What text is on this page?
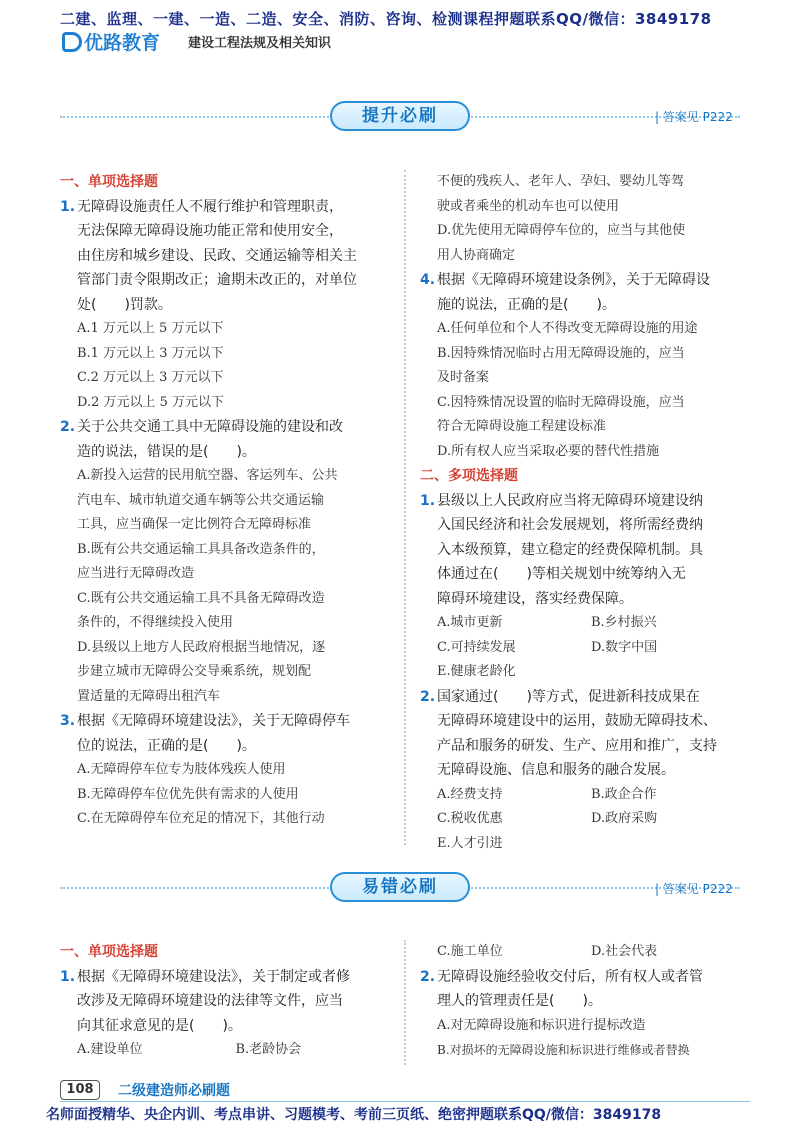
二建、监理、一建、一造、二造、安全、消防、咨询、检测课程押题联系QQ/微信：3849178
优路教育 建设工程法规及相关知识
提升必刷	| 答案见 P222
一、单项选择题
1. 无障碍设施责任人不履行维护和管理职责，
无法保障无障碍设施功能正常和使用安全，
由住房和城乡建设、民政、交通运输等相关主
管部门责令限期改正；逾期未改正的，对单位
处(　　)罚款。
A.1 万元以上 5 万元以下
B.1 万元以上 3 万元以下
C.2 万元以上 3 万元以下
D.2 万元以上 5 万元以下
2. 关于公共交通工具中无障碍设施的建设和改
造的说法，错误的是(　　)。
A.新投入运营的民用航空器、客运列车、公共
汽电车、城市轨道交通车辆等公共交通运输
工具，应当确保一定比例符合无障碍标准
B.既有公共交通运输工具具备改造条件的，
应当进行无障碍改造
C.既有公共交通运输工具不具备无障碍改造
条件的，不得继续投入使用
D.县级以上地方人民政府根据当地情况，逐
步建立城市无障碍公交导乘系统，规划配
置适量的无障碍出租汽车
3. 根据《无障碍环境建设法》，关于无障碍停车
位的说法，正确的是(　　)。
A.无障碍停车位专为肢体残疾人使用
B.无障碍停车位优先供有需求的人使用
C.在无障碍停车位充足的情况下，其他行动
不便的残疾人、老年人、孕妇、婴幼儿等驾
驶或者乘坐的机动车也可以使用
D.优先使用无障碍停车位的，应当与其他使
用人协商确定
4. 根据《无障碍环境建设条例》，关于无障碍设
施的说法，正确的是(　　)。
A.任何单位和个人不得改变无障碍设施的用途
B.因特殊情况临时占用无障碍设施的，应当
及时备案
C.因特殊情况设置的临时无障碍设施，应当
符合无障碍设施工程建设标准
D.所有权人应当采取必要的替代性措施
二、多项选择题
1. 县级以上人民政府应当将无障碍环境建设纳
入国民经济和社会发展规划，将所需经费纳
入本级预算，建立稳定的经费保障机制。具
体通过在(　　)等相关规划中统筹纳入无
障碍环境建设，落实经费保障。
A.城市更新	B.乡村振兴
C.可持续发展	D.数字中国
E.健康老龄化
2. 国家通过(　　)等方式，促进新科技成果在
无障碍环境建设中的运用，鼓励无障碍技术、
产品和服务的研发、生产、应用和推广，支持
无障碍设施、信息和服务的融合发展。
A.经费支持	B.政企合作
C.税收优惠	D.政府采购
E.人才引进
易错必刷	| 答案见 P222
一、单项选择题
1. 根据《无障碍环境建设法》，关于制定或者修
改涉及无障碍环境建设的法律等文件，应当
向其征求意见的是(　　)。
A.建设单位	B.老龄协会
C.施工单位	D.社会代表
2. 无障碍设施经验收交付后，所有权人或者管
理人的管理责任是(　　)。
A.对无障碍设施和标识进行提标改造
B.对损坏的无障碍设施和标识进行维修或者替换
108	二级建造师必刷题
名师面授精华、央企内训、考点串讲、习题模考、考前三页纸、绝密押题联系QQ/微信：3849178
